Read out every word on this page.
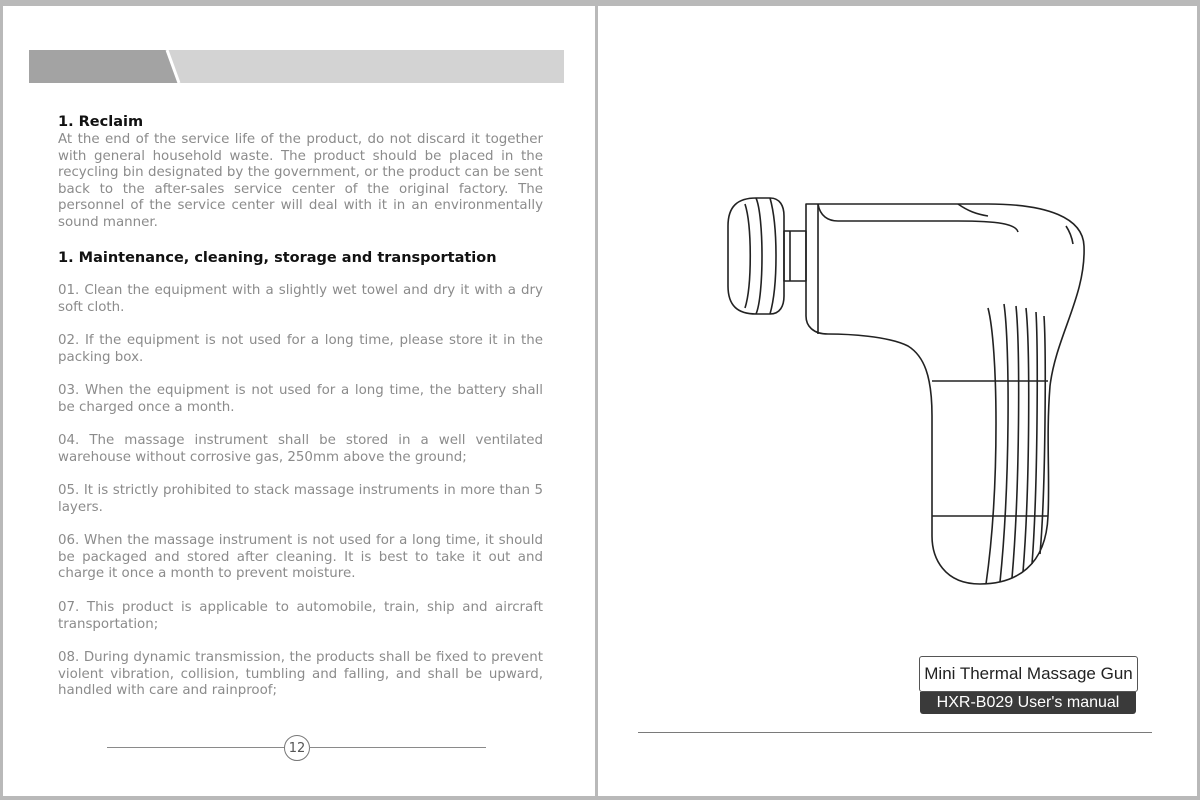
1. Reclaim
At the end of the service life of the product, do not discard it together with general household waste. The product should be placed in the recycling bin designated by the government, or the product can be sent back to the after-sales service center of the original factory. The personnel of the service center will deal with it in an environmentally sound manner.
1. Maintenance, cleaning, storage and transportation
01. Clean the equipment with a slightly wet towel and dry it with a dry soft cloth.
02. If the equipment is not used for a long time, please store it in the packing box.
03. When the equipment is not used for a long time, the battery shall be charged once a month.
04. The massage instrument shall be stored in a well ventilated warehouse without corrosive gas, 250mm above the ground;
05. It is strictly prohibited to stack massage instruments in more than 5 layers.
06. When the massage instrument is not used for a long time, it should be packaged and stored after cleaning. It is best to take it out and charge it once a month to prevent moisture.
07. This product is applicable to automobile, train, ship and aircraft transportation;
08. During dynamic transmission, the products shall be fixed to prevent violent vibration, collision, tumbling and falling, and shall be upward, handled with care and rainproof;
12
Mini Thermal Massage Gun
HXR-B029 User's manual
